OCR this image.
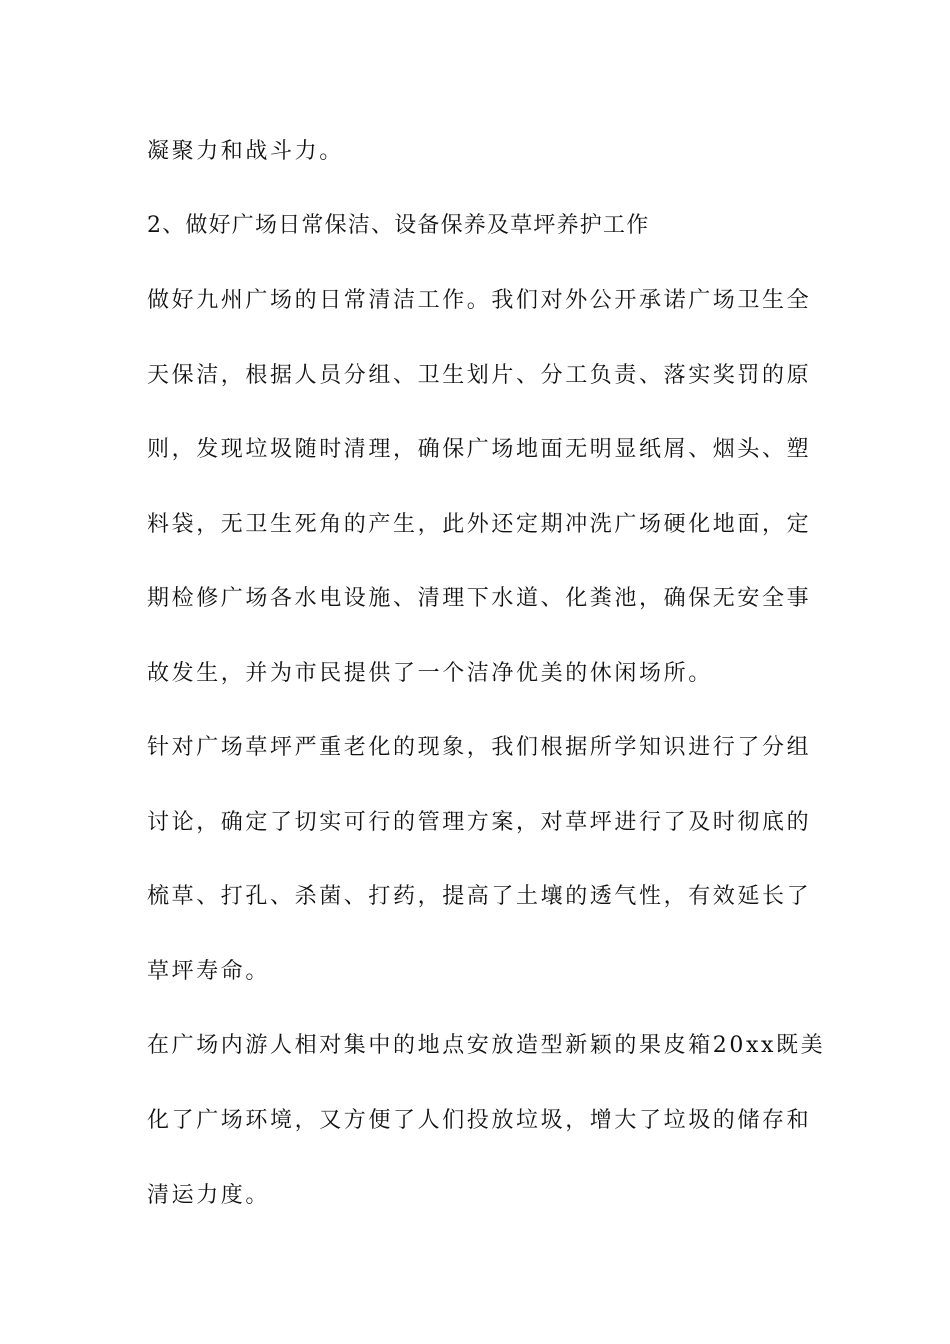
凝聚力和战斗力。
2、做好广场日常保洁、设备保养及草坪养护工作
做好九州广场的日常清洁工作。我们对外公开承诺广场卫生全
天保洁，根据人员分组、卫生划片、分工负责、落实奖罚的原
则，发现垃圾随时清理，确保广场地面无明显纸屑、烟头、塑
料袋，无卫生死角的产生，此外还定期冲洗广场硬化地面，定
期检修广场各水电设施、清理下水道、化粪池，确保无安全事
故发生，并为市民提供了一个洁净优美的休闲场所。
针对广场草坪严重老化的现象，我们根据所学知识进行了分组
讨论，确定了切实可行的管理方案，对草坪进行了及时彻底的
梳草、打孔、杀菌、打药，提高了土壤的透气性，有效延长了
草坪寿命。
在广场内游人相对集中的地点安放造型新颖的果皮箱20xx既美
化了广场环境，又方便了人们投放垃圾，增大了垃圾的储存和
清运力度。
